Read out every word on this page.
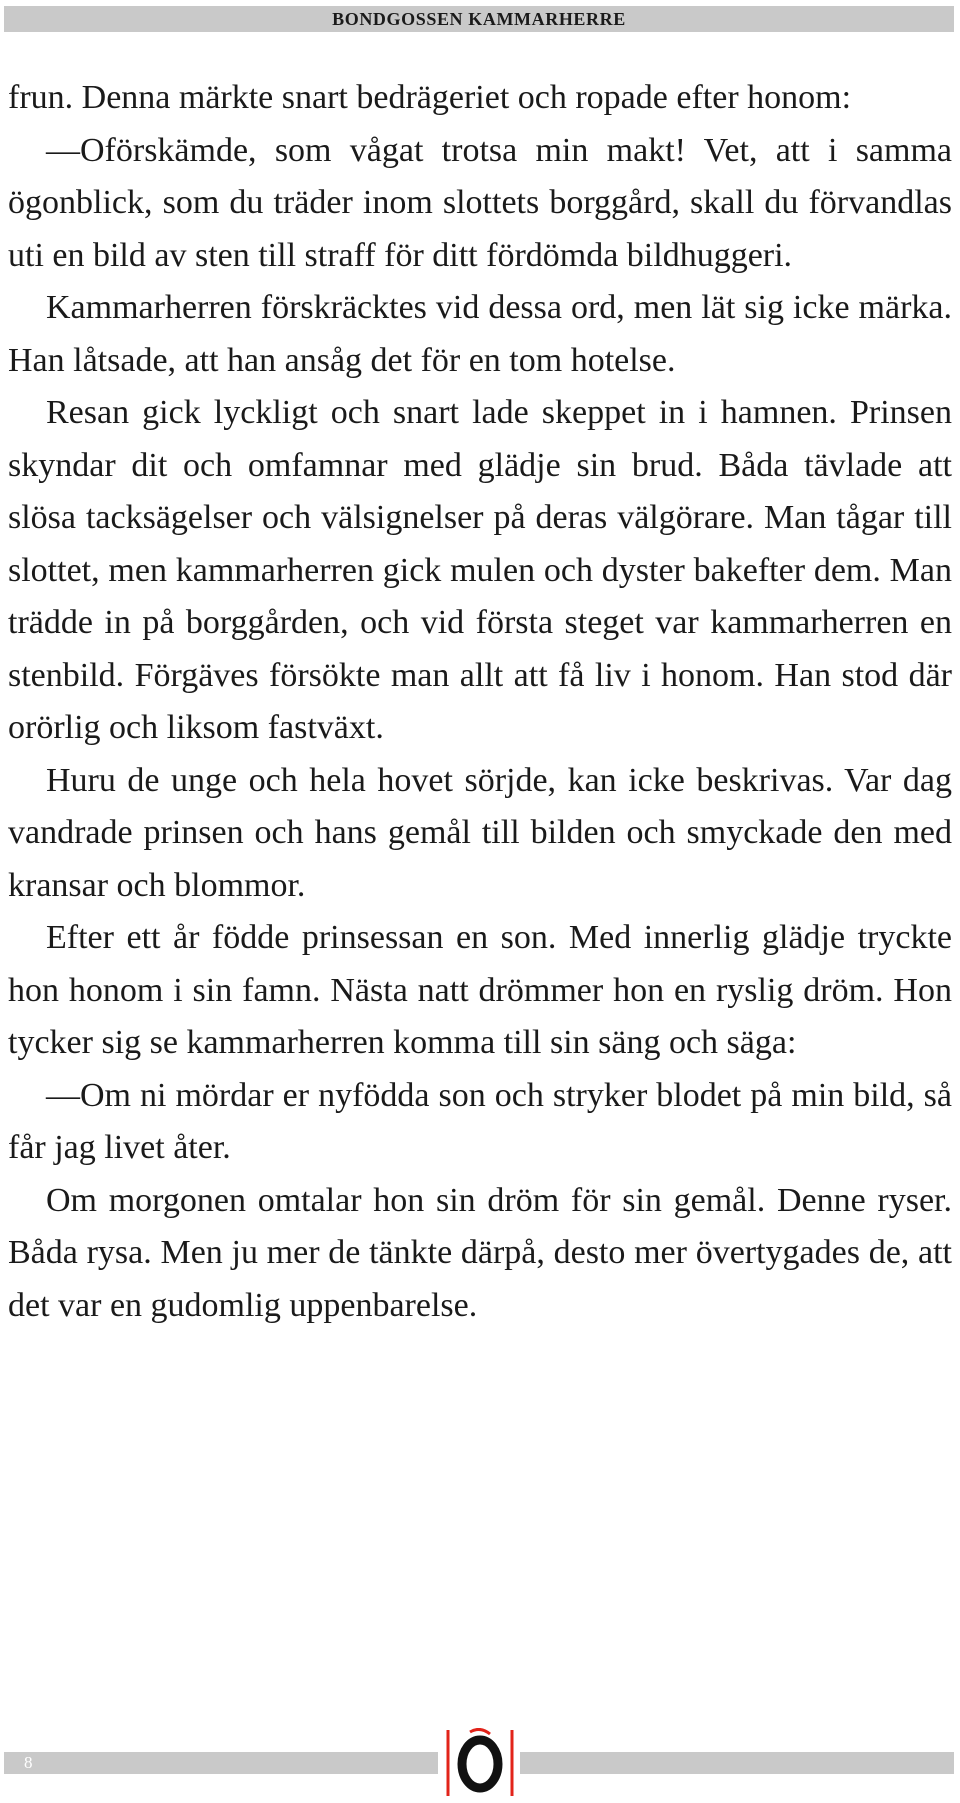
BONDGOSSEN KAMMARHERRE

frun. Denna märkte snart bedrägeriet och ropade efter honom:

—Oförskämde, som vågat trotsa min makt! Vet, att i samma ögonblick, som du träder inom slottets borggård, skall du förvandlas uti en bild av sten till straff för ditt fördömda bildhuggeri.

Kammarherren förskräcktes vid dessa ord, men lät sig icke märka. Han låtsade, att han ansåg det för en tom hotelse.

Resan gick lyckligt och snart lade skeppet in i hamnen. Prinsen skyndar dit och omfamnar med glädje sin brud. Båda tävlade att slösa tacksägelser och välsignelser på deras välgörare. Man tågar till slottet, men kammarherren gick mulen och dyster bakefter dem. Man trädde in på borggården, och vid första steget var kammarherren en stenbild. Förgäves försökte man allt att få liv i honom. Han stod där orörlig och liksom fastväxt.

Huru de unge och hela hovet sörjde, kan icke beskrivas. Var dag vandrade prinsen och hans gemål till bilden och smyckade den med kransar och blommor.

Efter ett år födde prinsessan en son. Med innerlig glädje tryckte hon honom i sin famn. Nästa natt drömmer hon en ryslig dröm. Hon tycker sig se kammarherren komma till sin säng och säga:

—Om ni mördar er nyfödda son och stryker blodet på min bild, så får jag livet åter.

Om morgonen omtalar hon sin dröm för sin gemål. Denne ryser. Båda rysa. Men ju mer de tänkte därpå, desto mer övertygades de, att det var en gudomlig uppenbarelse.

8
